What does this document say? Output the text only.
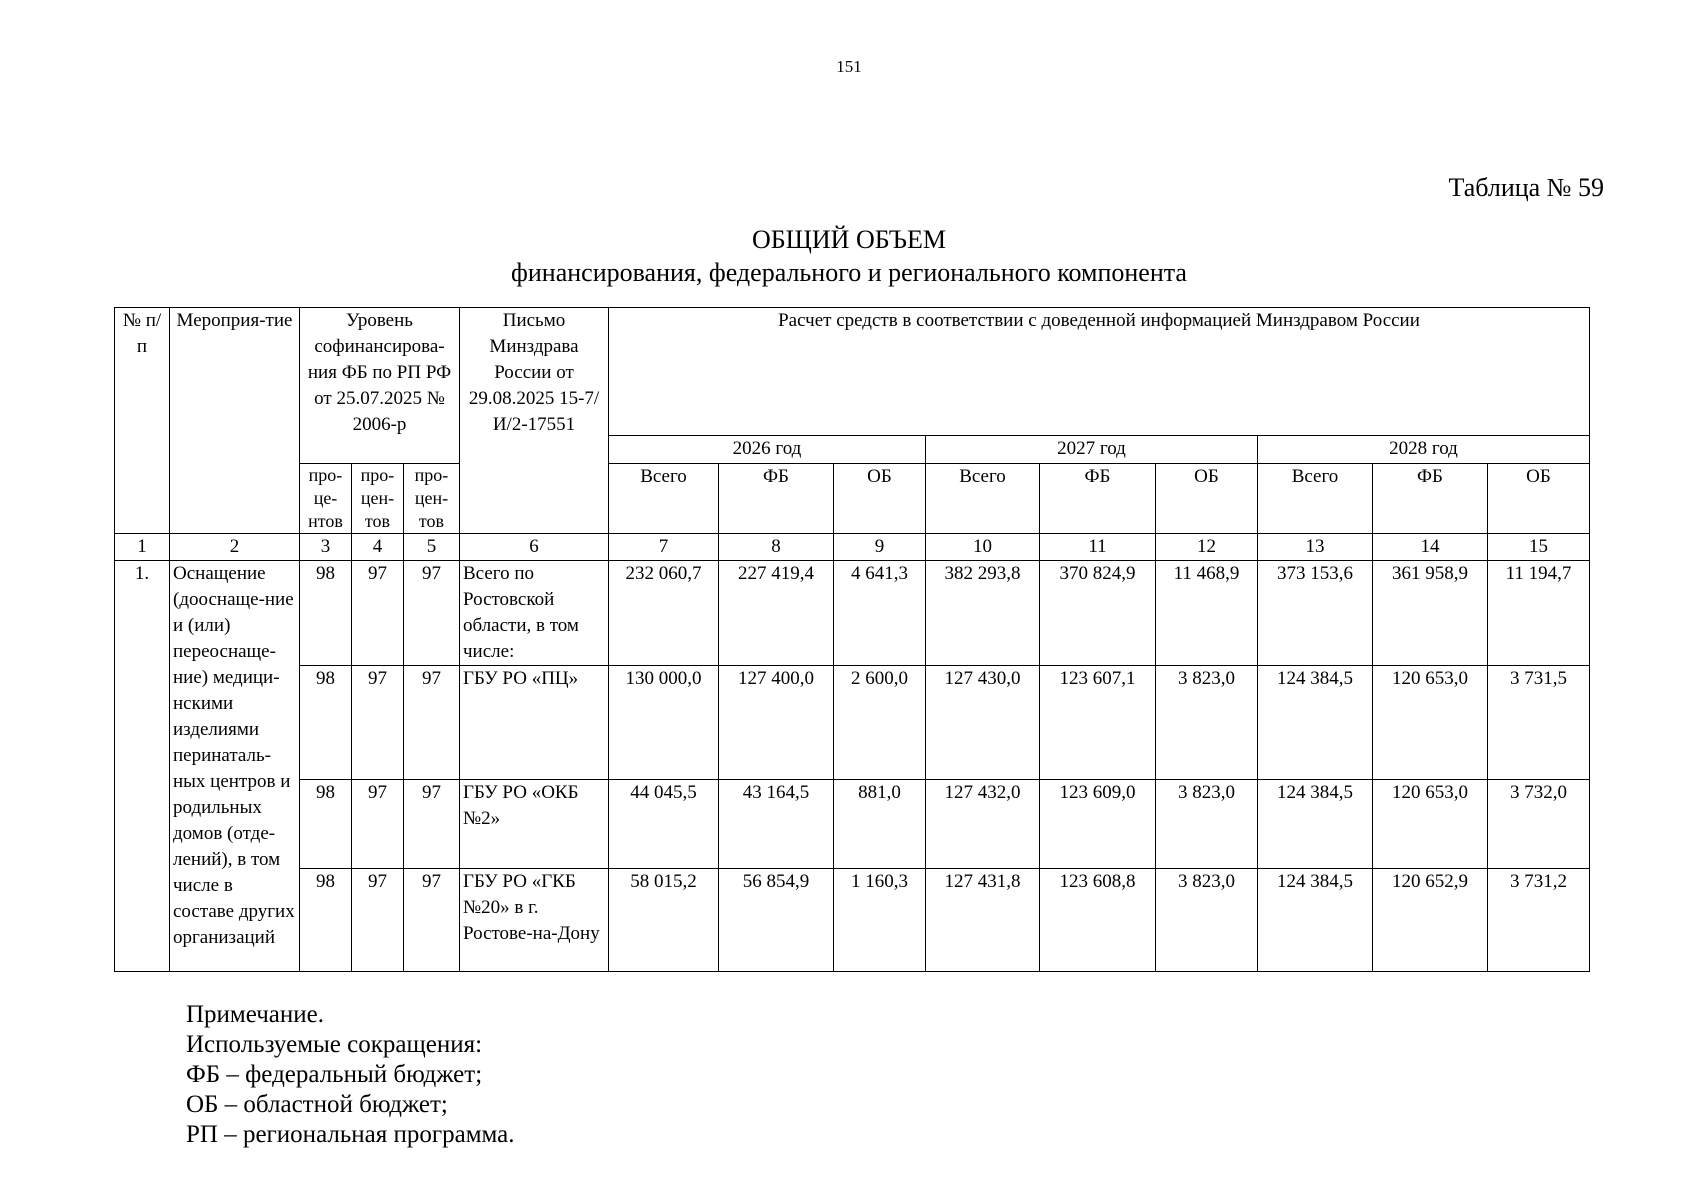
151
Таблица № 59
ОБЩИЙ ОБЪЕМ
финансирования, федерального и регионального компонента
№ п/п	Мероприя-тие	Уровень софинансирова-ния ФБ по РП РФ от 25.07.2025 № 2006-р			Письмо Минздрава России от 29.08.2025 15-7/И/2-17551	Расчет средств в соответствии с доведенной информацией Минздравом России								
						2026 год			2027 год			2028 год		
		про-це-нтов	про-цен-тов	про-цен-тов		Всего	ФБ	ОБ	Всего	ФБ	ОБ	Всего	ФБ	ОБ
1	2	3	4	5	6	7	8	9	10	11	12	13	14	15
1.	Оснащение (дооснаще-ние и (или) переоснаще-ние) медици-нскими изделиями перинаталь-ных центров и родильных домов (отде-лений), в том числе в составе других организаций	98	97	97	Всего по Ростовской области, в том числе:	232 060,7	227 419,4	4 641,3	382 293,8	370 824,9	11 468,9	373 153,6	361 958,9	11 194,7
		98	97	97	ГБУ РО «ПЦ»	130 000,0	127 400,0	2 600,0	127 430,0	123 607,1	3 823,0	124 384,5	120 653,0	3 731,5
		98	97	97	ГБУ РО «ОКБ №2»	44 045,5	43 164,5	881,0	127 432,0	123 609,0	3 823,0	124 384,5	120 653,0	3 732,0
		98	97	97	ГБУ РО «ГКБ №20» в г. Ростове-на-Дону	58 015,2	56 854,9	1 160,3	127 431,8	123 608,8	3 823,0	124 384,5	120 652,9	3 731,2
Примечание.
Используемые сокращения:
ФБ – федеральный бюджет;
ОБ – областной бюджет;
РП – региональная программа.
